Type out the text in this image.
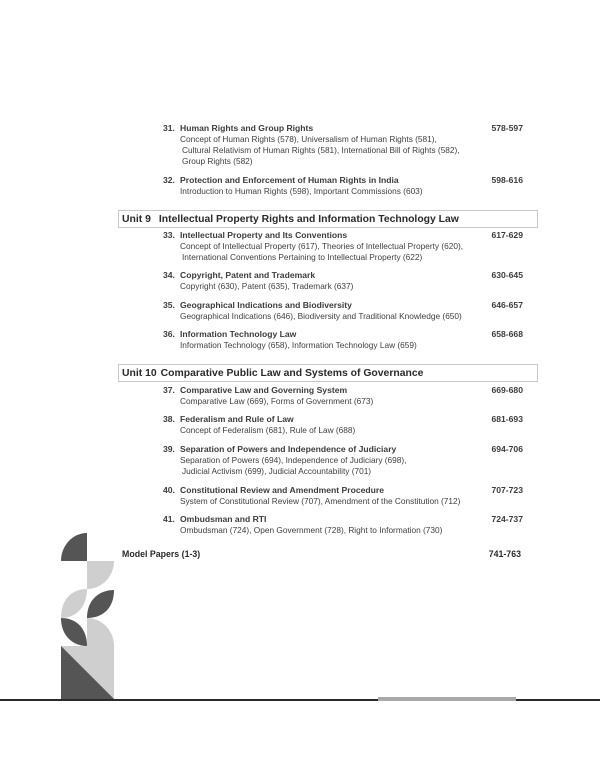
31. Human Rights and Group Rights	578-597
Concept of Human Rights (578), Universalism of Human Rights (581),
Cultural Relativism of Human Rights (581), International Bill of Rights (582),
Group Rights (582)
32. Protection and Enforcement of Human Rights in India	598-616
Introduction to Human Rights (598), Important Commissions (603)
Unit 9 Intellectual Property Rights and Information Technology Law
33. Intellectual Property and Its Conventions	617-629
Concept of Intellectual Property (617), Theories of Intellectual Property (620),
International Conventions Pertaining to Intellectual Property (622)
34. Copyright, Patent and Trademark	630-645
Copyright (630), Patent (635), Trademark (637)
35. Geographical Indications and Biodiversity	646-657
Geographical Indications (646), Biodiversity and Traditional Knowledge (650)
36. Information Technology Law	658-668
Information Technology (658), Information Technology Law (659)
Unit 10 Comparative Public Law and Systems of Governance
37. Comparative Law and Governing System	669-680
Comparative Law (669), Forms of Government (673)
38. Federalism and Rule of Law	681-693
Concept of Federalism (681), Rule of Law (688)
39. Separation of Powers and Independence of Judiciary	694-706
Separation of Powers (694), Independence of Judiciary (698),
Judicial Activism (699), Judicial Accountability (701)
40. Constitutional Review and Amendment Procedure	707-723
System of Constitutional Review (707), Amendment of the Constitution (712)
41. Ombudsman and RTI	724-737
Ombudsman (724), Open Government (728), Right to Information (730)
Model Papers (1-3)	741-763
